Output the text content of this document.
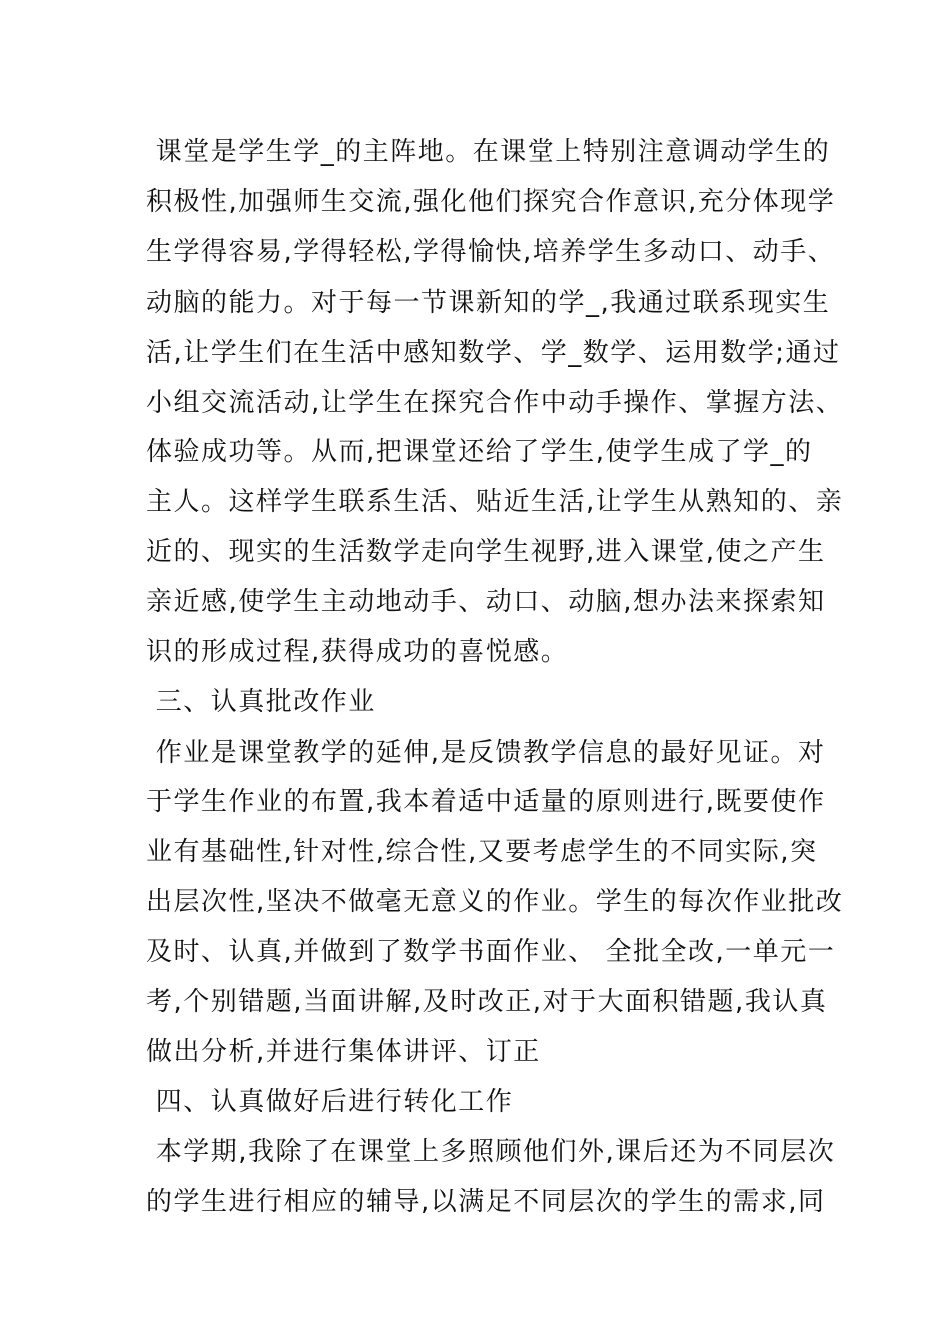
课堂是学生学_的主阵地。在课堂上特别注意调动学生的
积极性,加强师生交流,强化他们探究合作意识,充分体现学
生学得容易,学得轻松,学得愉快,培养学生多动口、动手、
动脑的能力。对于每一节课新知的学_,我通过联系现实生
活,让学生们在生活中感知数学、学_数学、运用数学;通过
小组交流活动,让学生在探究合作中动手操作、掌握方法、
体验成功等。从而,把课堂还给了学生,使学生成了学_的
主人。这样学生联系生活、贴近生活,让学生从熟知的、亲
近的、现实的生活数学走向学生视野,进入课堂,使之产生
亲近感,使学生主动地动手、动口、动脑,想办法来探索知
识的形成过程,获得成功的喜悦感。
三、认真批改作业
作业是课堂教学的延伸,是反馈教学信息的最好见证。对
于学生作业的布置,我本着适中适量的原则进行,既要使作
业有基础性,针对性,综合性,又要考虑学生的不同实际,突
出层次性,坚决不做毫无意义的作业。学生的每次作业批改
及时、认真,并做到了数学书面作业、 全批全改,一单元一
考,个别错题,当面讲解,及时改正,对于大面积错题,我认真
做出分析,并进行集体讲评、订正
四、认真做好后进行转化工作
本学期,我除了在课堂上多照顾他们外,课后还为不同层次
的学生进行相应的辅导,以满足不同层次的学生的需求,同
